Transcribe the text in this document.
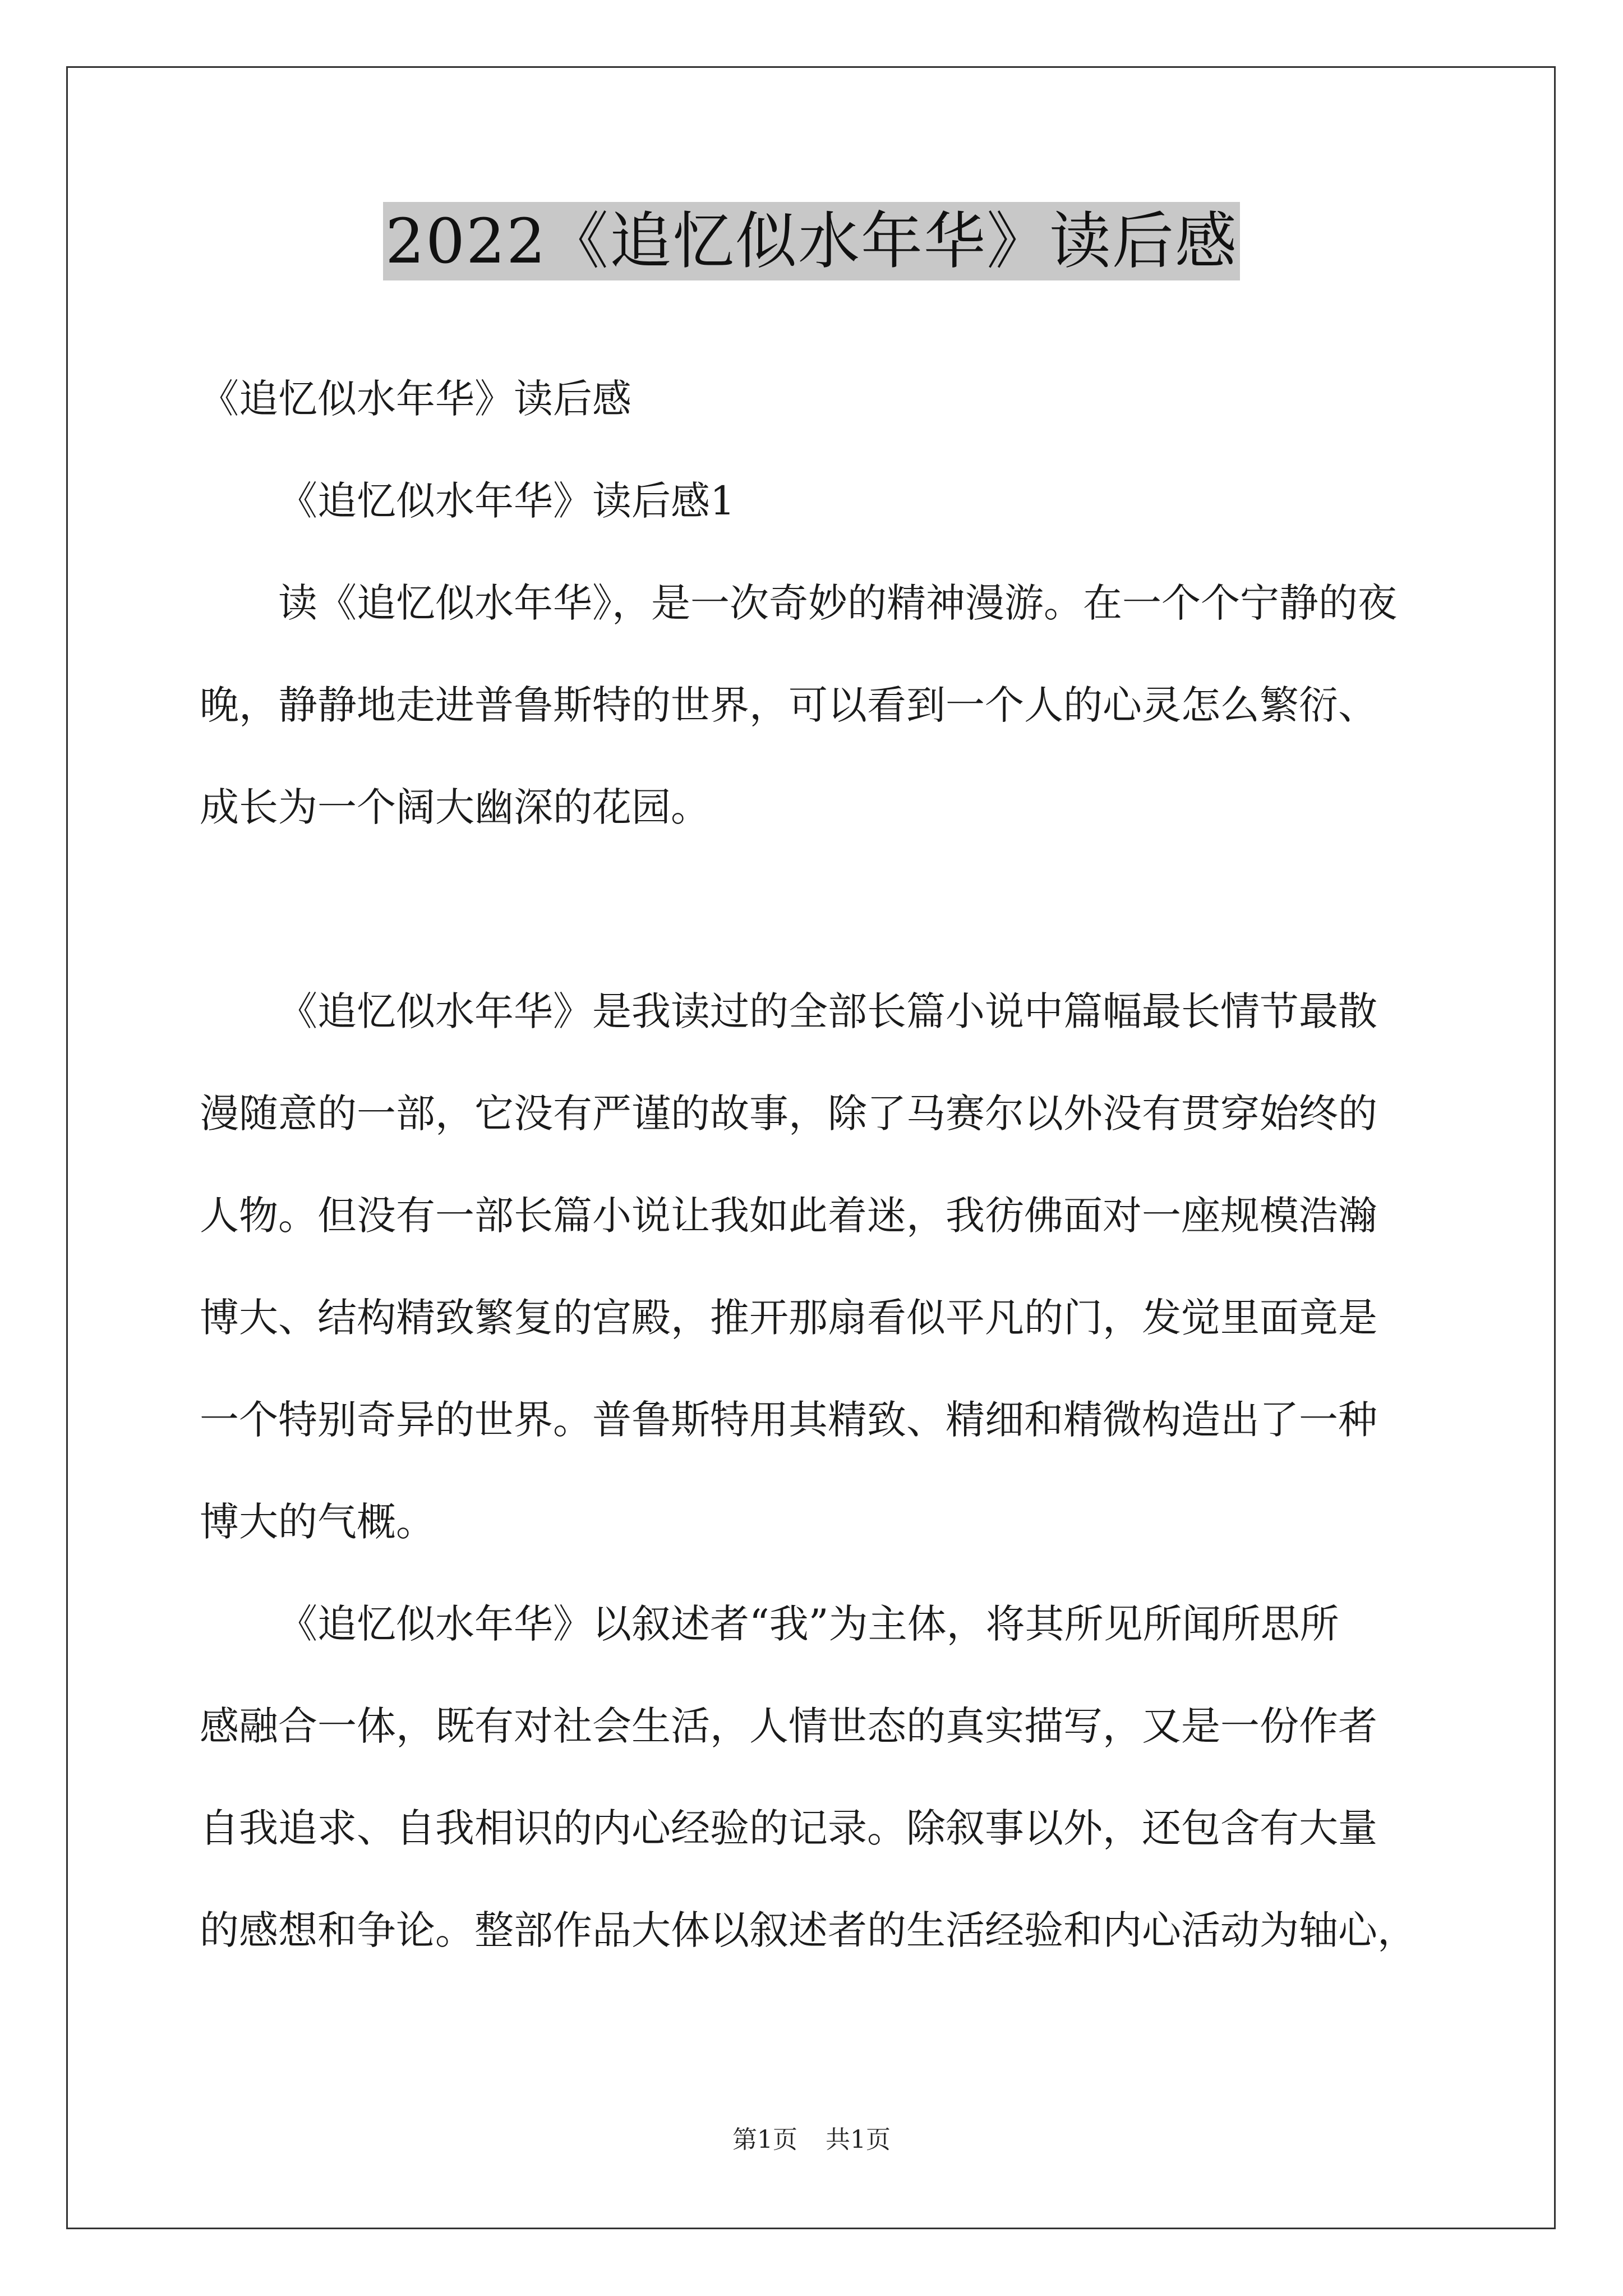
2022《追忆似水年华》读后感
《追忆似水年华》读后感
《追忆似水年华》读后感1
读《追忆似水年华》，是一次奇妙的精神漫游。在一个个宁静的夜
晚，静静地走进普鲁斯特的世界，可以看到一个人的心灵怎么繁衍、
成长为一个阔大幽深的花园。
《追忆似水年华》是我读过的全部长篇小说中篇幅最长情节最散
漫随意的一部，它没有严谨的故事，除了马赛尔以外没有贯穿始终的
人物。但没有一部长篇小说让我如此着迷，我彷佛面对一座规模浩瀚
博大、结构精致繁复的宫殿，推开那扇看似平凡的门，发觉里面竟是
一个特别奇异的世界。普鲁斯特用其精致、精细和精微构造出了一种
博大的气概。
《追忆似水年华》以叙述者“我”为主体，将其所见所闻所思所
感融合一体，既有对社会生活，人情世态的真实描写，又是一份作者
自我追求、自我相识的内心经验的记录。除叙事以外，还包含有大量
的感想和争论。整部作品大体以叙述者的生活经验和内心活动为轴心，
第1页 共1页
